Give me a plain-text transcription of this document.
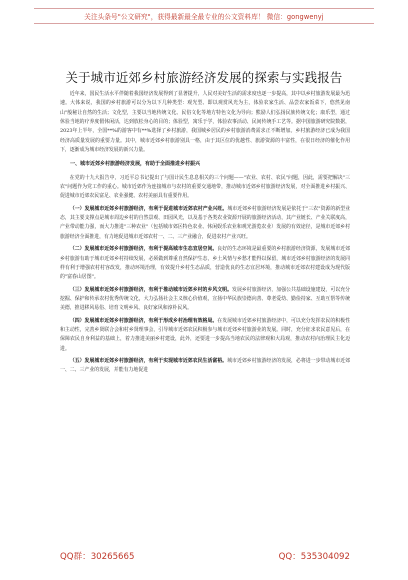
关注头条号"公文研究"，获得最新最全最专业的公文资料库！ 微信：gongwenyj
关于城市近郊乡村旅游经济发展的探索与实践报告

近年来，国民生活水平伴随着我国经济发展得到了显著提升，人民对美好生活的需求度也逐一步提高，其中以乡村旅游发展最为迅速。大体来说，我国的乡村旅游可以分为以下几种类型：观光型、即以观赏风光为主，体验农家生活、品尝农家饭菜下，悠然见南山"般秘让自然的生活；文化型，主要以当地传统文化、民俗文化等地方特色文化为导向；熊励人们弘扬民族传统文化；康乐型，通过休验当地的疗养度假休闲活，达到放松身心的目的；体验型，寓乐于学，体验农事活动、民间传统手工艺等。据中国旅游研究院数据，2023年上半年，全国**%的游客中有**%选择了乡村旅游，我国城乡居民的乡村旅游消费需求正不断增加。乡村旅游经济已成为我国经济高质量发展的重要力量。其中，城市近郊乡村旅游别具一格，由于其区位的优越性、旅游资源的丰富性，在很日经济的催化作用下，逐渐成为城市经济发展的新兴力量。

一、城市近郊乡村旅游经济发展，有助于全面推进乡村振兴

在党的十九大报告中，习近平总书记提出了与国计民生息息相关的三个问题——"农业、农村、农民"问题，因此，需要把解决"三农"问题作为党工作的重心。城市近郊作为连接城市与农村的重要交通地带，推动城市近郊乡村旅游经济发展，对全面推进乡村振兴、促进城市近郊农民富足、农业强健、农村美丽具有重要作用。

（一）发展城市近郊乡村旅游经济，有利于促进城市近郊农村产业兴旺。城市近郊乡村旅游经济发展是依托于"三农"资源的新型业态，其主要支撑点是城市周边乡村的自然景观、田园风光，以及基于各类农业资源开展的旅游经济活动，其产业链长、产业关联度高，产业带动能力强，而大力推进"三种农业"（包括城市郊区特色农业、休闲娱乐农业和观光游览农业）发展的有效途径，是城市近郊乡村旅游经济全面推进，有力地促进城市近郊农村一、二、三产业融合，促进农村产业兴旺。

（二）发展城市近郊乡村旅游经济，有利于提高城市生态宜居空间。良好的生态环境是最重要的乡村旅游经济资源，发展城市近郊乡村旅游有助于城市近郊乡村持续发展，必须做到尊重自然保护生态，乡土风情与乡愁才能得以保留，城市近郊乡村旅游经济的发展同样有利于增强农村村容改发，推动环境治理，有效提升乡村生态品质，营造优良的生态宜居环境，推动城市近郊农村建设成为现代版的"富春山居图"。

（三）发展城市近郊乡村旅游经济，有利于推动城市近郊乡村的乡风文明。发展乡村旅游经济，加强公共基础设施建设，可以充分挖掘、保护和传承农村优秀传统文化，大力弘扬社会主义核心价值观，宣扬中华民族崇德向善、尊老爱幼、勤俭持家、互助互帮等传统美德，推进移风易俗、培育文明乡风、良好家风和淳朴民风。

（四）发展城市近郊乡村旅游经济，有利于形成乡村治理有效格局。在发展城市近郊乡村旅游经济中，可以充分发挥农民的积极性和主动性，完善乡贤联合会和村乡贤理事会，引导城市近郊农民积极参与城市近郊乡村旅游业的发展。同时，充分征求农民意见后，在保障农民自身利益的基础上，着力推进美丽乡村建设，此外，还要进一步提高当地农民的法律观和大局观，推动农村向治理民主化迈进。

（五）发展城市近郊乡村旅游经济，有利于实现城市近郊农民生活富裕。城市近郊乡村旅游经济的发展，必将进一步带动城市近郊一、二、三产业的发展，并能有力地促进

QQ群：30265665	QQ：535304092
